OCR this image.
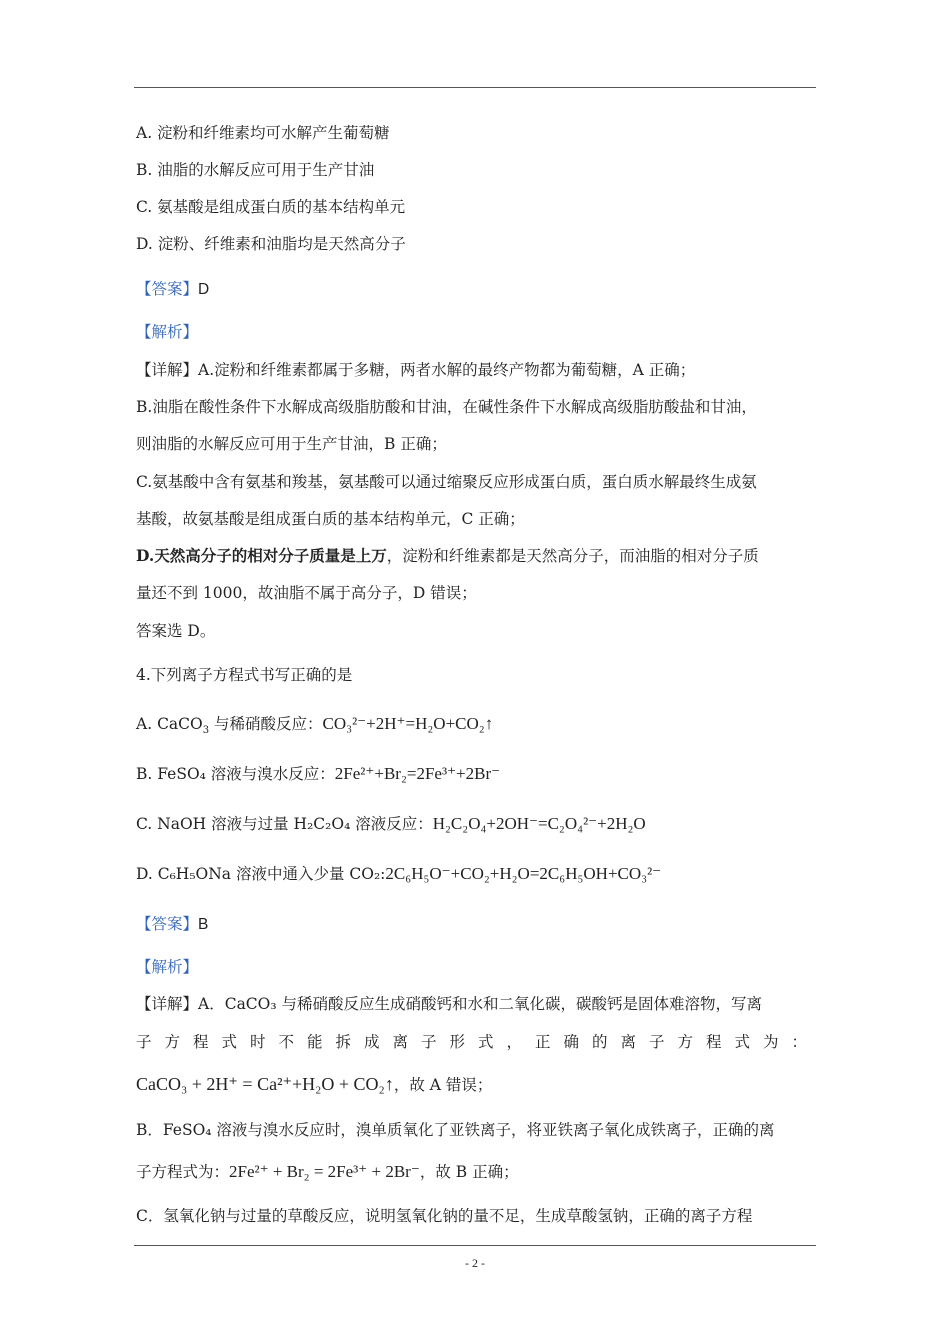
A. 淀粉和纤维素均可水解产生葡萄糖
B. 油脂的水解反应可用于生产甘油
C. 氨基酸是组成蛋白质的基本结构单元
D. 淀粉、纤维素和油脂均是天然高分子
【答案】D
【解析】
【详解】A.淀粉和纤维素都属于多糖，两者水解的最终产物都为葡萄糖，A 正确；
B.油脂在酸性条件下水解成高级脂肪酸和甘油，在碱性条件下水解成高级脂肪酸盐和甘油，
则油脂的水解反应可用于生产甘油，B 正确；
C.氨基酸中含有氨基和羧基，氨基酸可以通过缩聚反应形成蛋白质，蛋白质水解最终生成氨
基酸，故氨基酸是组成蛋白质的基本结构单元，C 正确；
D.天然高分子的相对分子质量是上万，淀粉和纤维素都是天然高分子，而油脂的相对分子质
量还不到 1000，故油脂不属于高分子，D 错误；
答案选 D。
4.下列离子方程式书写正确的是
A. CaCO$_3$ 与稀硝酸反应：CO₃²⁻+2H⁺=H₂O+CO₂↑
B. FeSO₄ 溶液与溴水反应：2Fe²⁺+Br₂=2Fe³⁺+2Br⁻
C. NaOH 溶液与过量 H₂C₂O₄ 溶液反应：H₂C₂O₄+2OH⁻=C₂O₄²⁻+2H₂O
D. C₆H₅ONa 溶液中通入少量 CO₂:2C₆H₅O⁻+CO₂+H₂O=2C₆H₅OH+CO₃²⁻
【答案】B
【解析】
【详解】A．CaCO₃ 与稀硝酸反应生成硝酸钙和水和二氧化碳，碳酸钙是固体难溶物，写离
子方程式时不能拆成离子形式，正确的离子方程式为：
CaCO₃ + 2H⁺ = Ca²⁺+H₂O + CO₂↑，故 A 错误；
B．FeSO₄ 溶液与溴水反应时，溴单质氧化了亚铁离子，将亚铁离子氧化成铁离子，正确的离
子方程式为：2Fe²⁺ + Br₂ = 2Fe³⁺ + 2Br⁻，故 B 正确；
C．氢氧化钠与过量的草酸反应，说明氢氧化钠的量不足，生成草酸氢钠，正确的离子方程
- 2 -
